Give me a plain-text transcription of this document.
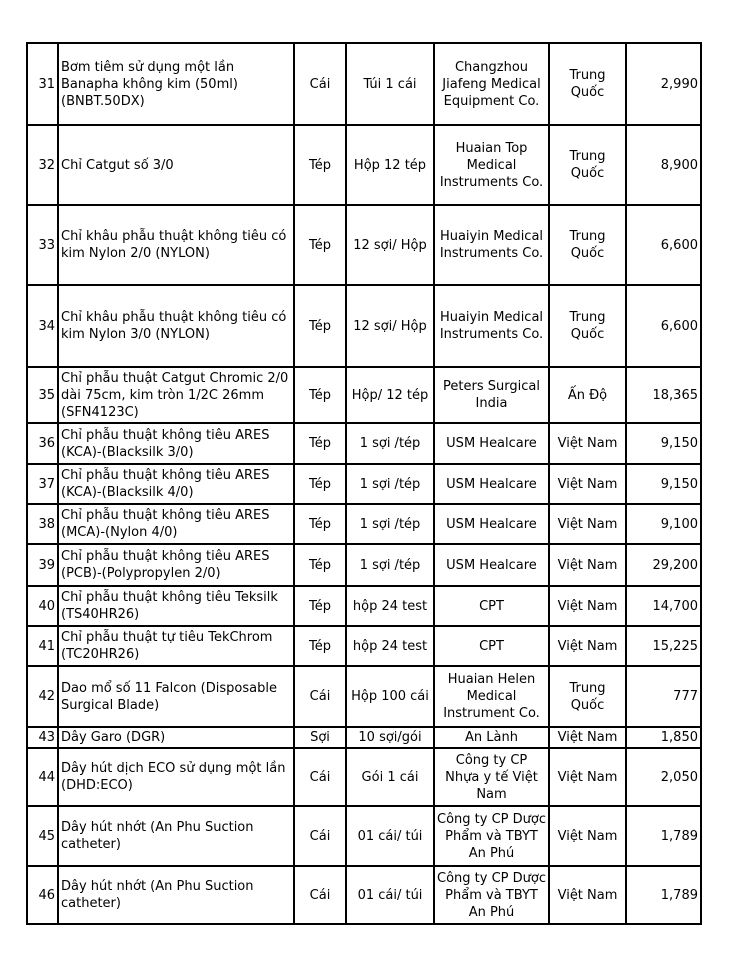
31	Bơm tiêm sử dụng một lần Banapha không kim (50ml) (BNBT.50DX)	Cái	Túi 1 cái	Changzhou Jiafeng Medical Equipment Co.	Trung Quốc	2,990
32	Chỉ Catgut số 3/0	Tép	Hộp 12 tép	Huaian Top Medical Instruments Co.	Trung Quốc	8,900
33	Chỉ khâu phẫu thuật không tiêu có kim Nylon 2/0 (NYLON)	Tép	12 sợi/ Hộp	Huaiyin Medical Instruments Co.	Trung Quốc	6,600
34	Chỉ khâu phẫu thuật không tiêu có kim Nylon 3/0 (NYLON)	Tép	12 sợi/ Hộp	Huaiyin Medical Instruments Co.	Trung Quốc	6,600
35	Chỉ phẫu thuật Catgut Chromic 2/0 dài 75cm, kim tròn 1/2C 26mm (SFN4123C)	Tép	Hộp/ 12 tép	Peters Surgical India	Ấn Độ	18,365
36	Chỉ phẫu thuật không tiêu ARES (KCA)-(Blacksilk 3/0)	Tép	1 sợi /tép	USM Healcare	Việt Nam	9,150
37	Chỉ phẫu thuật không tiêu ARES (KCA)-(Blacksilk 4/0)	Tép	1 sợi /tép	USM Healcare	Việt Nam	9,150
38	Chỉ phẫu thuật không tiêu ARES (MCA)-(Nylon 4/0)	Tép	1 sợi /tép	USM Healcare	Việt Nam	9,100
39	Chỉ phẫu thuật không tiêu ARES (PCB)-(Polypropylen 2/0)	Tép	1 sợi /tép	USM Healcare	Việt Nam	29,200
40	Chỉ phẫu thuật không tiêu Teksilk (TS40HR26)	Tép	hộp 24 test	CPT	Việt Nam	14,700
41	Chỉ phẫu thuật tự tiêu TekChrom (TC20HR26)	Tép	hộp 24 test	CPT	Việt Nam	15,225
42	Dao mổ số 11 Falcon (Disposable Surgical Blade)	Cái	Hộp 100 cái	Huaian Helen Medical Instrument Co.	Trung Quốc	777
43	Dây Garo (DGR)	Sợi	10 sợi/gói	An Lành	Việt Nam	1,850
44	Dây hút dịch ECO sử dụng một lần (DHD:ECO)	Cái	Gói 1 cái	Công ty CP Nhựa y tế Việt Nam	Việt Nam	2,050
45	Dây hút nhớt (An Phu Suction catheter)	Cái	01 cái/ túi	Công ty CP Dược Phẩm và TBYT An Phú	Việt Nam	1,789
46	Dây hút nhớt (An Phu Suction catheter)	Cái	01 cái/ túi	Công ty CP Dược Phẩm và TBYT An Phú	Việt Nam	1,789
